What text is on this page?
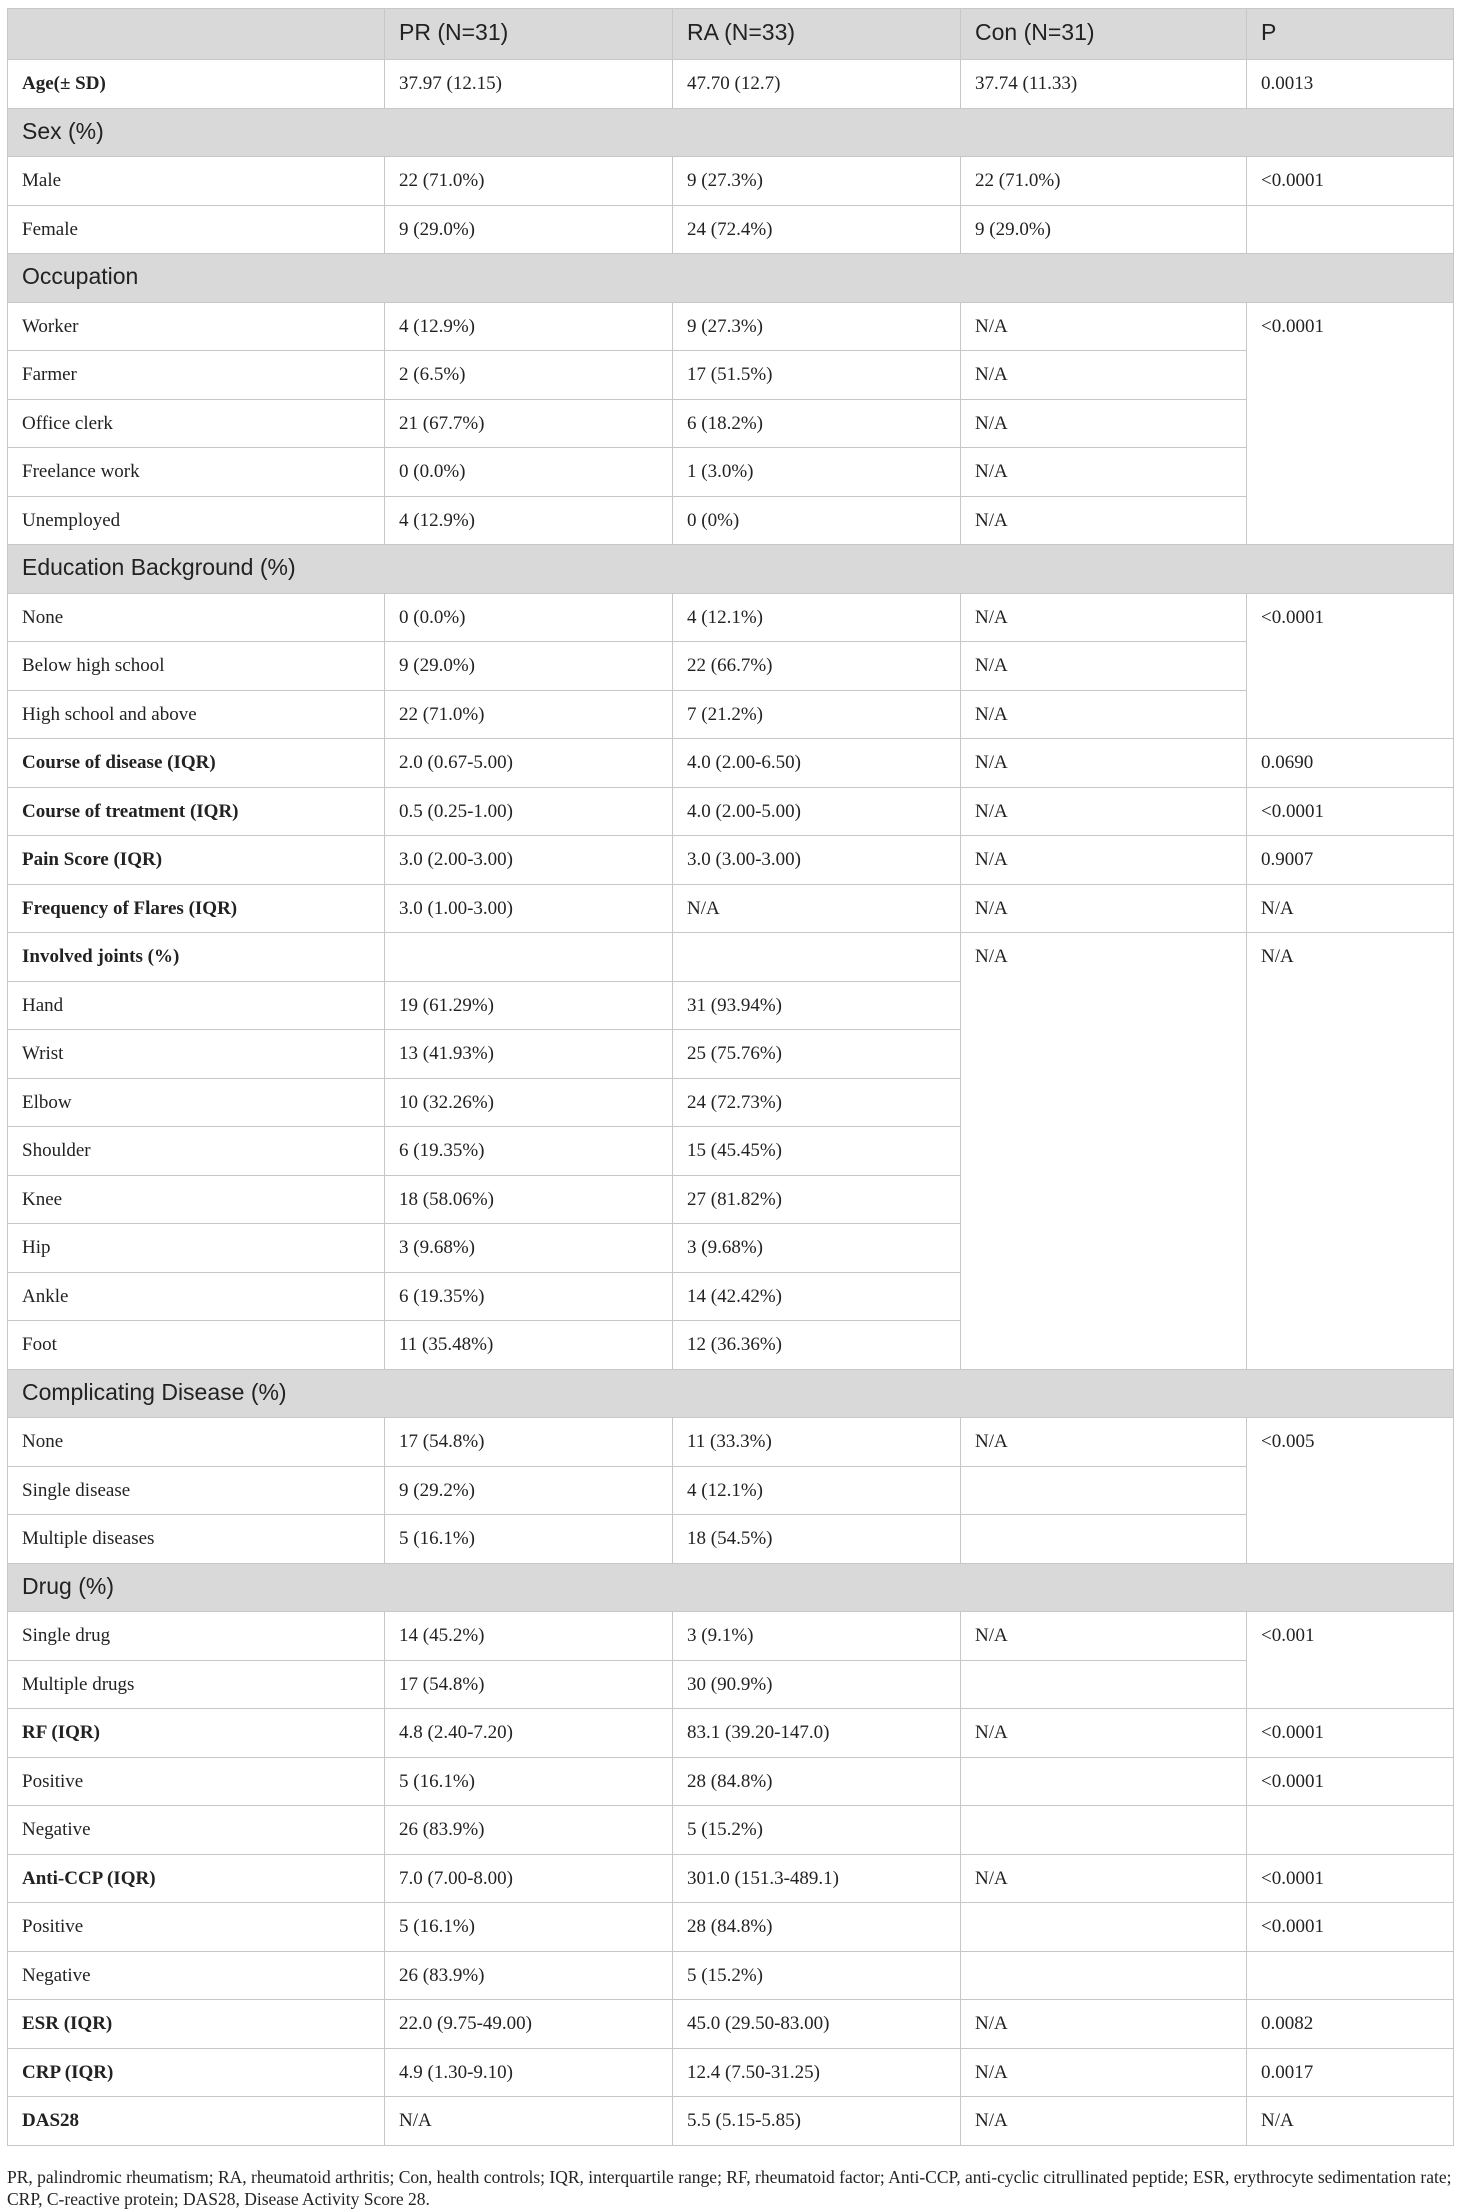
	PR (N=31)	RA (N=33)	Con (N=31)	P
Age(± SD)	37.97 (12.15)	47.70 (12.7)	37.74 (11.33)	0.0013
Sex (%)				
Male	22 (71.0%)	9 (27.3%)	22 (71.0%)	<0.0001
Female	9 (29.0%)	24 (72.4%)	9 (29.0%)	
Occupation				
Worker	4 (12.9%)	9 (27.3%)	N/A	<0.0001
Farmer	2 (6.5%)	17 (51.5%)	N/A	
Office clerk	21 (67.7%)	6 (18.2%)	N/A	
Freelance work	0 (0.0%)	1 (3.0%)	N/A	
Unemployed	4 (12.9%)	0 (0%)	N/A	
Education Background (%)				
None	0 (0.0%)	4 (12.1%)	N/A	<0.0001
Below high school	9 (29.0%)	22 (66.7%)	N/A	
High school and above	22 (71.0%)	7 (21.2%)	N/A	
Course of disease (IQR)	2.0 (0.67-5.00)	4.0 (2.00-6.50)	N/A	0.0690
Course of treatment (IQR)	0.5 (0.25-1.00)	4.0 (2.00-5.00)	N/A	<0.0001
Pain Score (IQR)	3.0 (2.00-3.00)	3.0 (3.00-3.00)	N/A	0.9007
Frequency of Flares (IQR)	3.0 (1.00-3.00)	N/A	N/A	N/A
Involved joints (%)			N/A	N/A
Hand	19 (61.29%)	31 (93.94%)		
Wrist	13 (41.93%)	25 (75.76%)		
Elbow	10 (32.26%)	24 (72.73%)		
Shoulder	6 (19.35%)	15 (45.45%)		
Knee	18 (58.06%)	27 (81.82%)		
Hip	3 (9.68%)	3 (9.68%)		
Ankle	6 (19.35%)	14 (42.42%)		
Foot	11 (35.48%)	12 (36.36%)		
Complicating Disease (%)				
None	17 (54.8%)	11 (33.3%)	N/A	<0.005
Single disease	9 (29.2%)	4 (12.1%)		
Multiple diseases	5 (16.1%)	18 (54.5%)		
Drug (%)				
Single drug	14 (45.2%)	3 (9.1%)	N/A	<0.001
Multiple drugs	17 (54.8%)	30 (90.9%)		
RF (IQR)	4.8 (2.40-7.20)	83.1 (39.20-147.0)	N/A	<0.0001
Positive	5 (16.1%)	28 (84.8%)		<0.0001
Negative	26 (83.9%)	5 (15.2%)		
Anti-CCP (IQR)	7.0 (7.00-8.00)	301.0 (151.3-489.1)	N/A	<0.0001
Positive	5 (16.1%)	28 (84.8%)		<0.0001
Negative	26 (83.9%)	5 (15.2%)		
ESR (IQR)	22.0 (9.75-49.00)	45.0 (29.50-83.00)	N/A	0.0082
CRP (IQR)	4.9 (1.30-9.10)	12.4 (7.50-31.25)	N/A	0.0017
DAS28	N/A	5.5 (5.15-5.85)	N/A	N/A
PR, palindromic rheumatism; RA, rheumatoid arthritis; Con, health controls; IQR, interquartile range; RF, rheumatoid factor; Anti-CCP, anti-cyclic citrullinated peptide; ESR, erythrocyte sedimentation rate; CRP, C-reactive protein; DAS28, Disease Activity Score 28.
